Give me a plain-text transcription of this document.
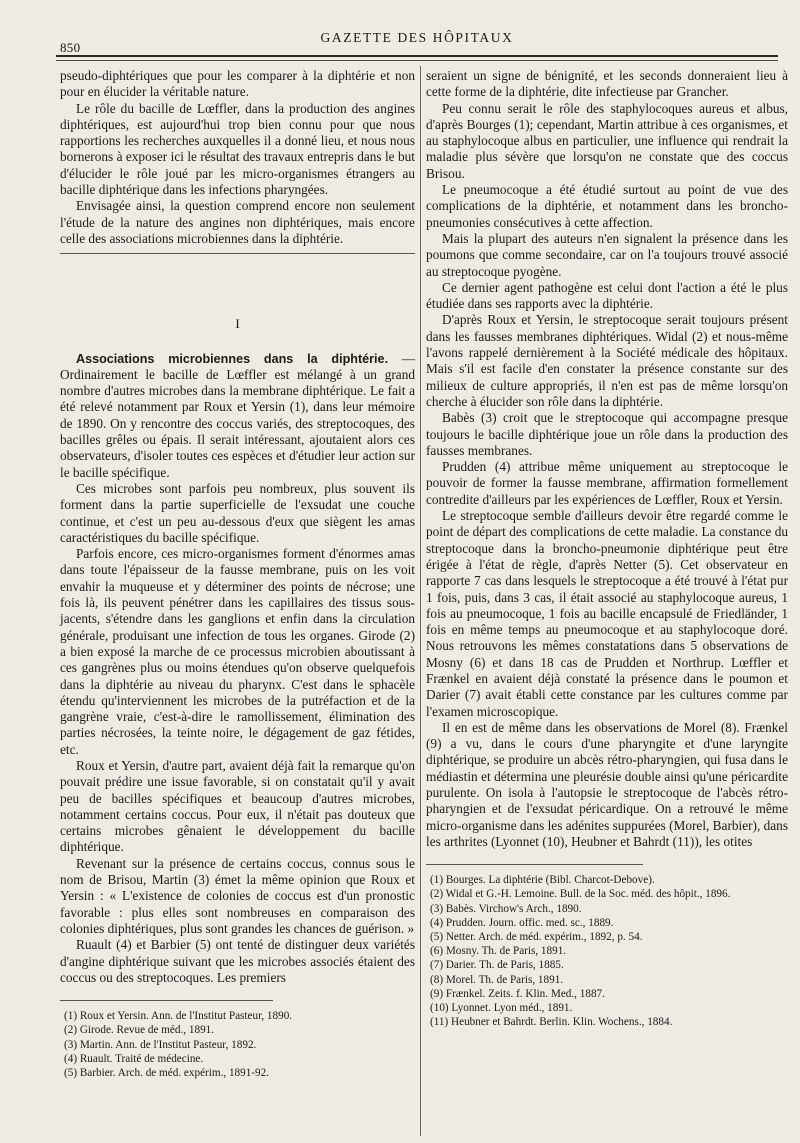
850
GAZETTE DES HÔPITAUX

pseudo-diphtériques que pour les comparer à la diphtérie et non pour en élucider la véritable nature.

Le rôle du bacille de Lœffler, dans la production des angines diphtériques, est aujourd'hui trop bien connu pour que nous rapportions les recherches auxquelles il a donné lieu, et nous nous bornerons à exposer ici le résultat des travaux entrepris dans le but d'élucider le rôle joué par les micro-organismes étrangers au bacille diphtérique dans les infections pharyngées.

Envisagée ainsi, la question comprend encore non seulement l'étude de la nature des angines non diphtériques, mais encore celle des associations microbiennes dans la diphtérie.

I

Associations microbiennes dans la diphtérie. — Ordinairement le bacille de Lœffler est mélangé à un grand nombre d'autres microbes dans la membrane diphtérique. Le fait a été relevé notamment par Roux et Yersin (1), dans leur mémoire de 1890. On y rencontre des coccus variés, des streptocoques, des bacilles grêles ou épais. Il serait intéressant, ajoutaient alors ces observateurs, d'isoler toutes ces espèces et d'étudier leur action sur le bacille spécifique.

Ces microbes sont parfois peu nombreux, plus souvent ils forment dans la partie superficielle de l'exsudat une couche continue, et c'est un peu au-dessous d'eux que siègent les amas caractéristiques du bacille spécifique.

Parfois encore, ces micro-organismes forment d'énormes amas dans toute l'épaisseur de la fausse membrane, puis on les voit envahir la muqueuse et y déterminer des points de nécrose; une fois là, ils peuvent pénétrer dans les capillaires des tissus sous-jacents, s'étendre dans les ganglions et enfin dans la circulation générale, produisant une infection de tous les organes. Girode (2) a bien exposé la marche de ce processus microbien aboutissant à ces gangrènes plus ou moins étendues qu'on observe quelquefois dans la diphtérie au niveau du pharynx. C'est dans le sphacèle étendu qu'interviennent les microbes de la putréfaction et de la gangrène vraie, c'est-à-dire le ramollissement, élimination des parties nécrosées, la teinte noire, le dégagement de gaz fétides, etc.

Roux et Yersin, d'autre part, avaient déjà fait la remarque qu'on pouvait prédire une issue favorable, si on constatait qu'il y avait peu de bacilles spécifiques et beaucoup d'autres microbes, notamment certains coccus. Pour eux, il n'était pas douteux que certains microbes gênaient le développement du bacille diphtérique.

Revenant sur la présence de certains coccus, connus sous le nom de Brisou, Martin (3) émet la même opinion que Roux et Yersin : « L'existence de colonies de coccus est d'un pronostic favorable : plus elles sont nombreuses en comparaison des colonies diphtériques, plus sont grandes les chances de guérison. »

Ruault (4) et Barbier (5) ont tenté de distinguer deux variétés d'angine diphtérique suivant que les microbes associés étaient des coccus ou des streptocoques. Les premiers

(1) Roux et Yersin. Ann. de l'Institut Pasteur, 1890.
(2) Girode. Revue de méd., 1891.
(3) Martin. Ann. de l'Institut Pasteur, 1892.
(4) Ruault. Traité de médecine.
(5) Barbier. Arch. de méd. expérim., 1891-92.

seraient un signe de bénignité, et les seconds donneraient lieu à cette forme de la diphtérie, dite infectieuse par Grancher.

Peu connu serait le rôle des staphylocoques aureus et albus, d'après Bourges (1); cependant, Martin attribue à ces organismes, et au staphylocoque albus en particulier, une influence qui rendrait la maladie plus sévère que lorsqu'on ne constate que des coccus Brisou.

Le pneumocoque a été étudié surtout au point de vue des complications de la diphtérie, et notamment dans les broncho-pneumonies consécutives à cette affection.

Mais la plupart des auteurs n'en signalent la présence dans les poumons que comme secondaire, car on l'a toujours trouvé associé au streptocoque pyogène.

Ce dernier agent pathogène est celui dont l'action a été le plus étudiée dans ses rapports avec la diphtérie.

D'après Roux et Yersin, le streptocoque serait toujours présent dans les fausses membranes diphtériques. Widal (2) et nous-même l'avons rappelé dernièrement à la Société médicale des hôpitaux. Mais s'il est facile d'en constater la présence constante sur des milieux de culture appropriés, il n'en est pas de même lorsqu'on cherche à élucider son rôle dans la diphtérie.

Babès (3) croit que le streptocoque qui accompagne presque toujours le bacille diphtérique joue un rôle dans la production des fausses membranes.

Prudden (4) attribue même uniquement au streptocoque le pouvoir de former la fausse membrane, affirmation formellement contredite d'ailleurs par les expériences de Lœffler, Roux et Yersin.

Le streptocoque semble d'ailleurs devoir être regardé comme le point de départ des complications de cette maladie. La constance du streptocoque dans la broncho-pneumonie diphtérique peut être érigée à l'état de règle, d'après Netter (5). Cet observateur en rapporte 7 cas dans lesquels le streptocoque a été trouvé à l'état pur 1 fois, puis, dans 3 cas, il était associé au staphylocoque aureus, 1 fois au pneumocoque, 1 fois au bacille encapsulé de Friedländer, 1 fois en même temps au pneumocoque et au staphylocoque doré. Nous retrouvons les mêmes constatations dans 5 observations de Mosny (6) et dans 18 cas de Prudden et Northrup. Lœffler et Frænkel en avaient déjà constaté la présence dans le poumon et Darier (7) avait établi cette constance par les cultures comme par l'examen microscopique.

Il en est de même dans les observations de Morel (8). Frænkel (9) a vu, dans le cours d'une pharyngite et d'une laryngite diphtérique, se produire un abcès rétro-pharyngien, qui fusa dans le médiastin et détermina une pleurésie double ainsi qu'une péricardite purulente. On isola à l'autopsie le streptocoque de l'abcès rétro-pharyngien et de l'exsudat péricardique. On a retrouvé le même micro-organisme dans les adénites suppurées (Morel, Barbier), dans les arthrites (Lyonnet (10), Heubner et Bahrdt (11)), les otites

(1) Bourges. La diphtérie (Bibl. Charcot-Debove).
(2) Widal et G.-H. Lemoine. Bull. de la Soc. méd. des hôpit., 1896.
(3) Babès. Virchow's Arch., 1890.
(4) Prudden. Journ. offic. med. sc., 1889.
(5) Netter. Arch. de méd. expérim., 1892, p. 54.
(6) Mosny. Th. de Paris, 1891.
(7) Darier. Th. de Paris, 1885.
(8) Morel. Th. de Paris, 1891.
(9) Frænkel. Zeits. f. Klin. Med., 1887.
(10) Lyonnet. Lyon méd., 1891.
(11) Heubner et Bahrdt. Berlin. Klin. Wochens., 1884.
